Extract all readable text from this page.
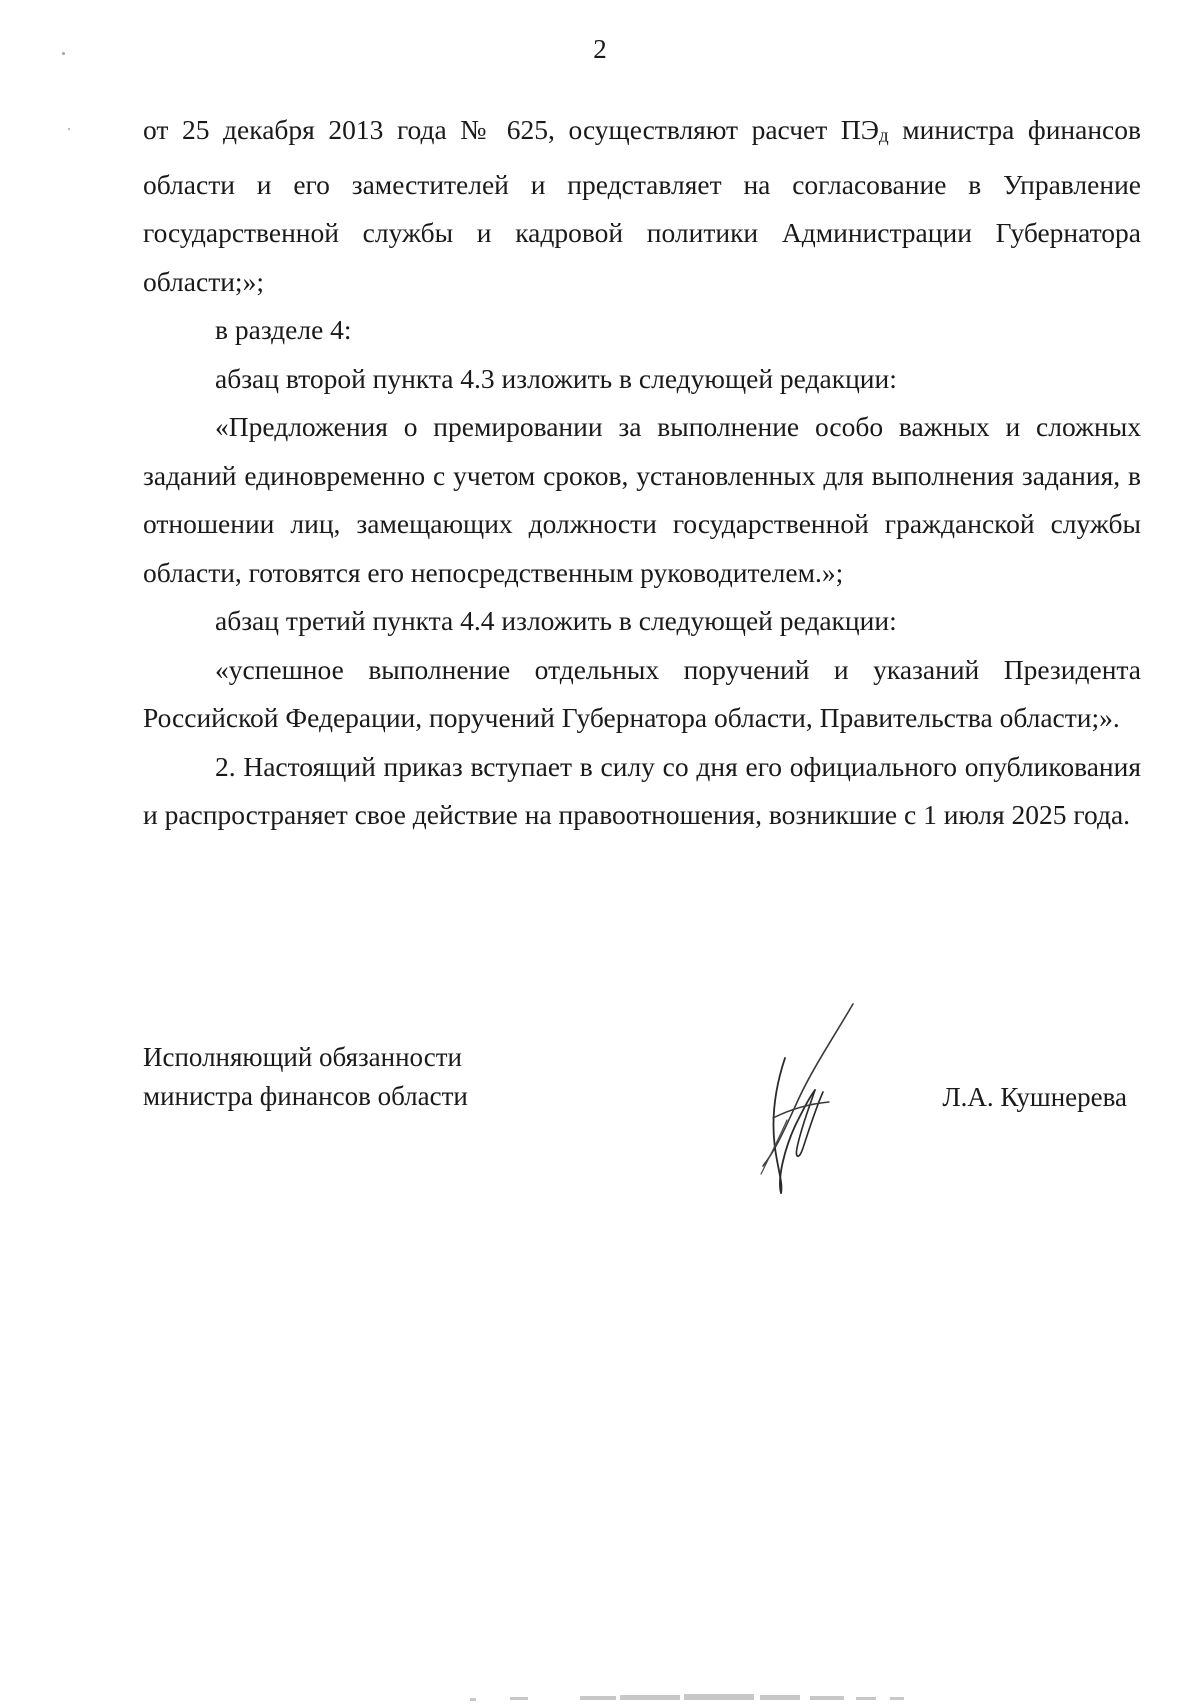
2

от 25 декабря 2013 года № 625, осуществляют расчет ПЭд министра финансов области и его заместителей и представляет на согласование в Управление государственной службы и кадровой политики Администрации Губернатора области;»;

в разделе 4:

абзац второй пункта 4.3 изложить в следующей редакции:

«Предложения о премировании за выполнение особо важных и сложных заданий единовременно с учетом сроков, установленных для выполнения задания, в отношении лиц, замещающих должности государственной гражданской службы области, готовятся его непосредственным руководителем.»;

абзац третий пункта 4.4 изложить в следующей редакции:

«успешное выполнение отдельных поручений и указаний Президента Российской Федерации, поручений Губернатора области, Правительства области;».

2. Настоящий приказ вступает в силу со дня его официального опубликования и распространяет свое действие на правоотношения, возникшие с 1 июля 2025 года.

Исполняющий обязанности
министра финансов области	Л.А. Кушнерева
